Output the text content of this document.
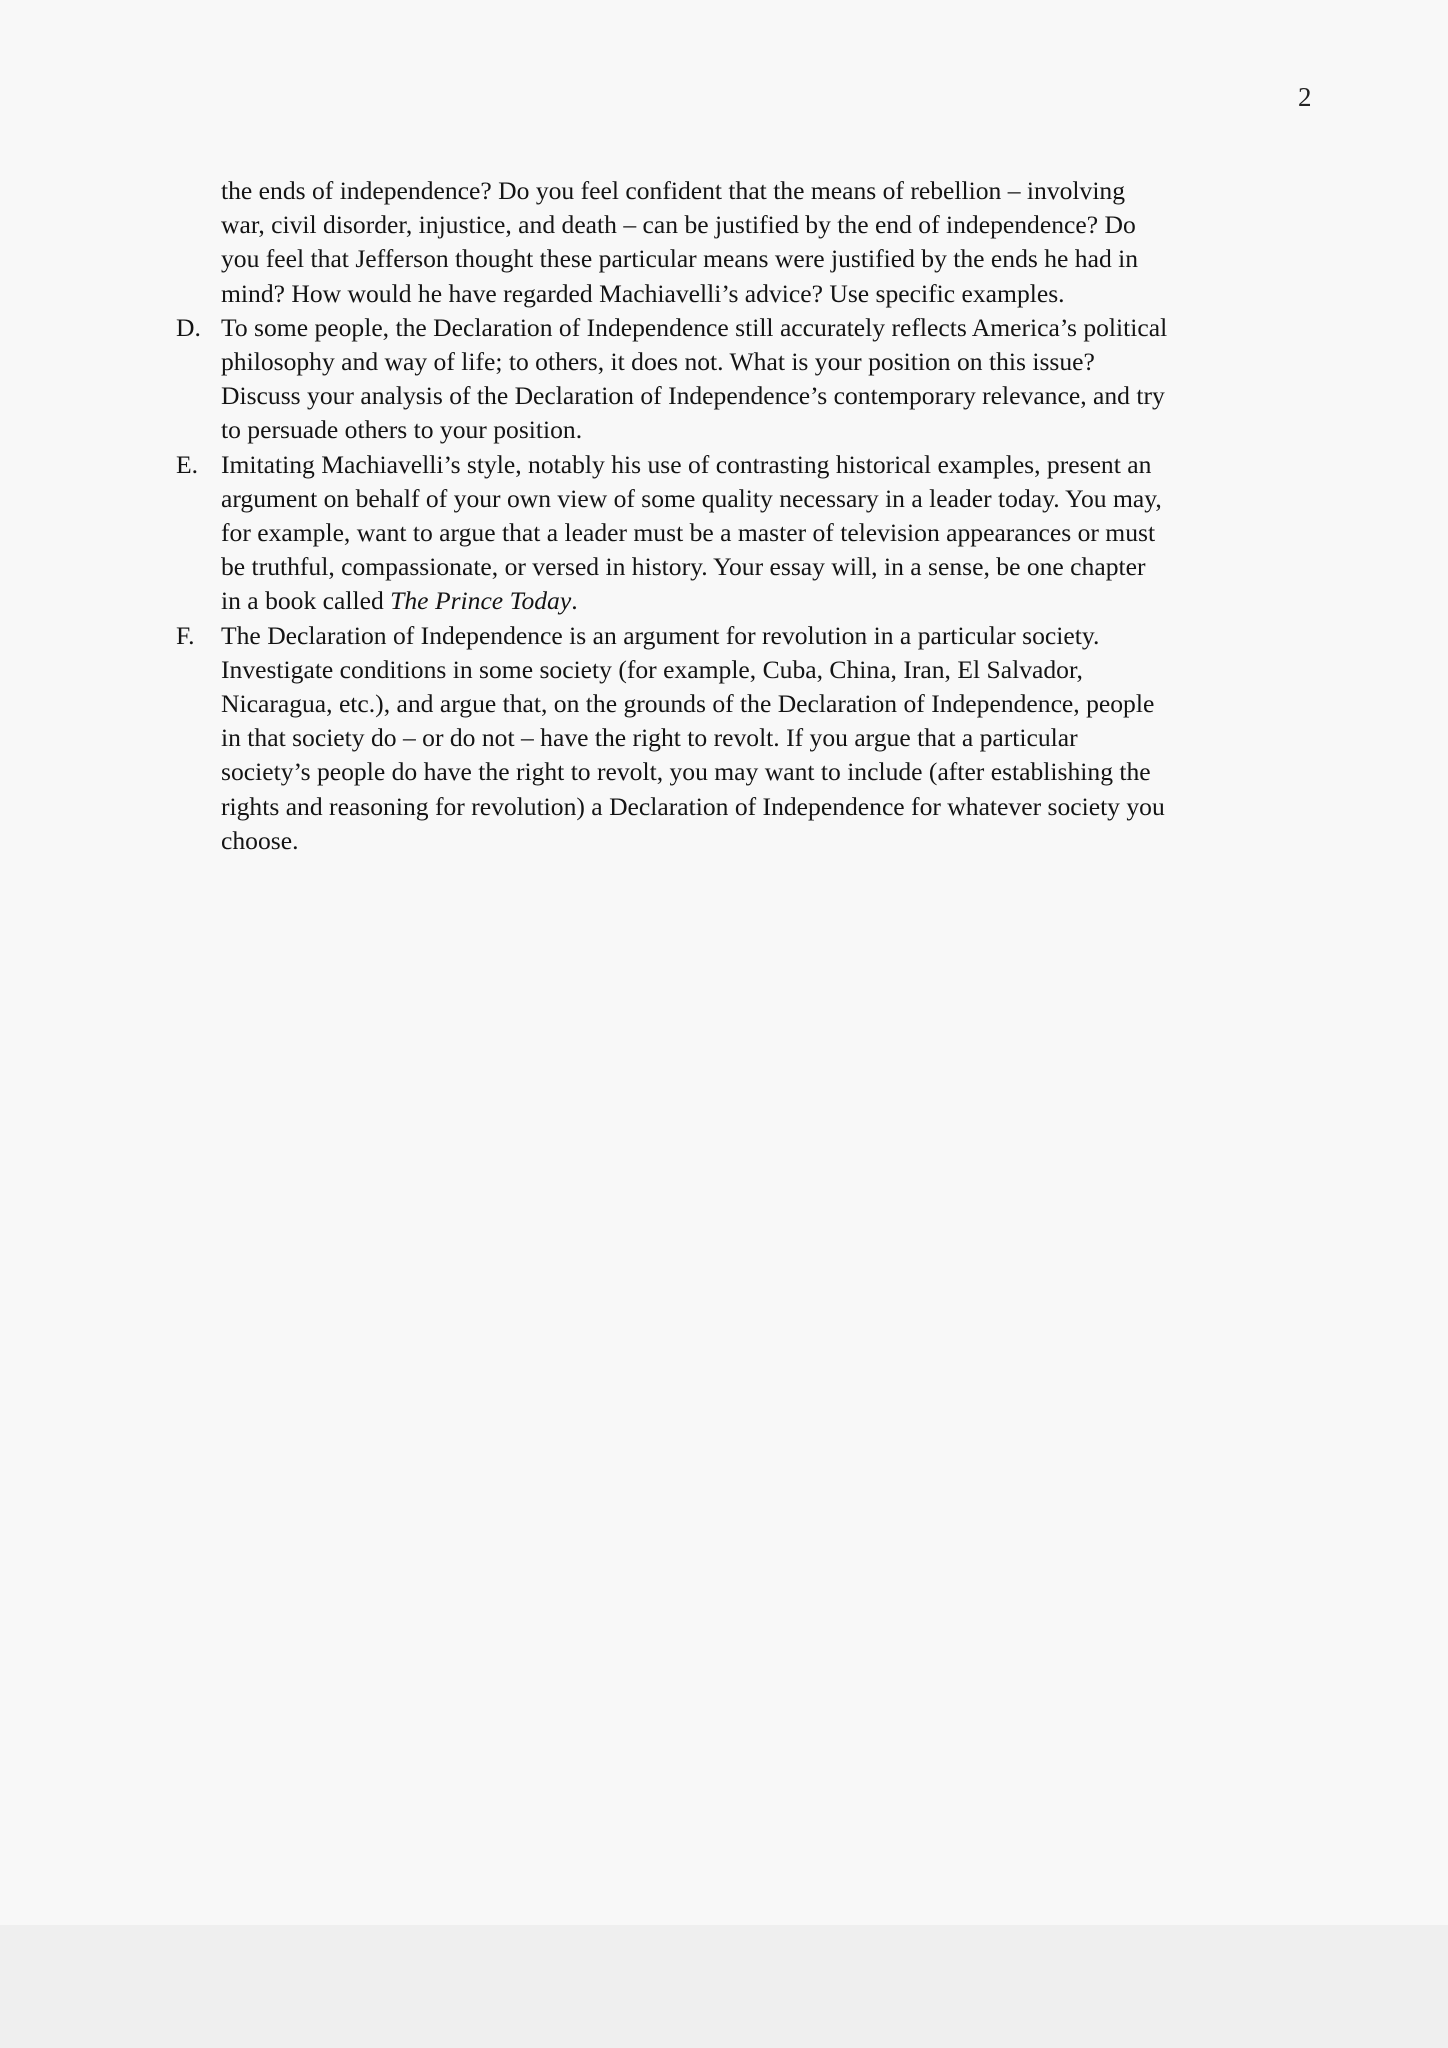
2
the ends of independence? Do you feel confident that the means of rebellion – involving
war, civil disorder, injustice, and death – can be justified by the end of independence? Do
you feel that Jefferson thought these particular means were justified by the ends he had in
mind? How would he have regarded Machiavelli’s advice? Use specific examples.
D. To some people, the Declaration of Independence still accurately reflects America’s political
philosophy and way of life; to others, it does not. What is your position on this issue?
Discuss your analysis of the Declaration of Independence’s contemporary relevance, and try
to persuade others to your position.
E. Imitating Machiavelli’s style, notably his use of contrasting historical examples, present an
argument on behalf of your own view of some quality necessary in a leader today. You may,
for example, want to argue that a leader must be a master of television appearances or must
be truthful, compassionate, or versed in history. Your essay will, in a sense, be one chapter
in a book called The Prince Today.
F.	The Declaration of Independence is an argument for revolution in a particular society.
Investigate conditions in some society (for example, Cuba, China, Iran, El Salvador,
Nicaragua, etc.), and argue that, on the grounds of the Declaration of Independence, people
in that society do – or do not – have the right to revolt. If you argue that a particular
society’s people do have the right to revolt, you may want to include (after establishing the
rights and reasoning for revolution) a Declaration of Independence for whatever society you
choose.
